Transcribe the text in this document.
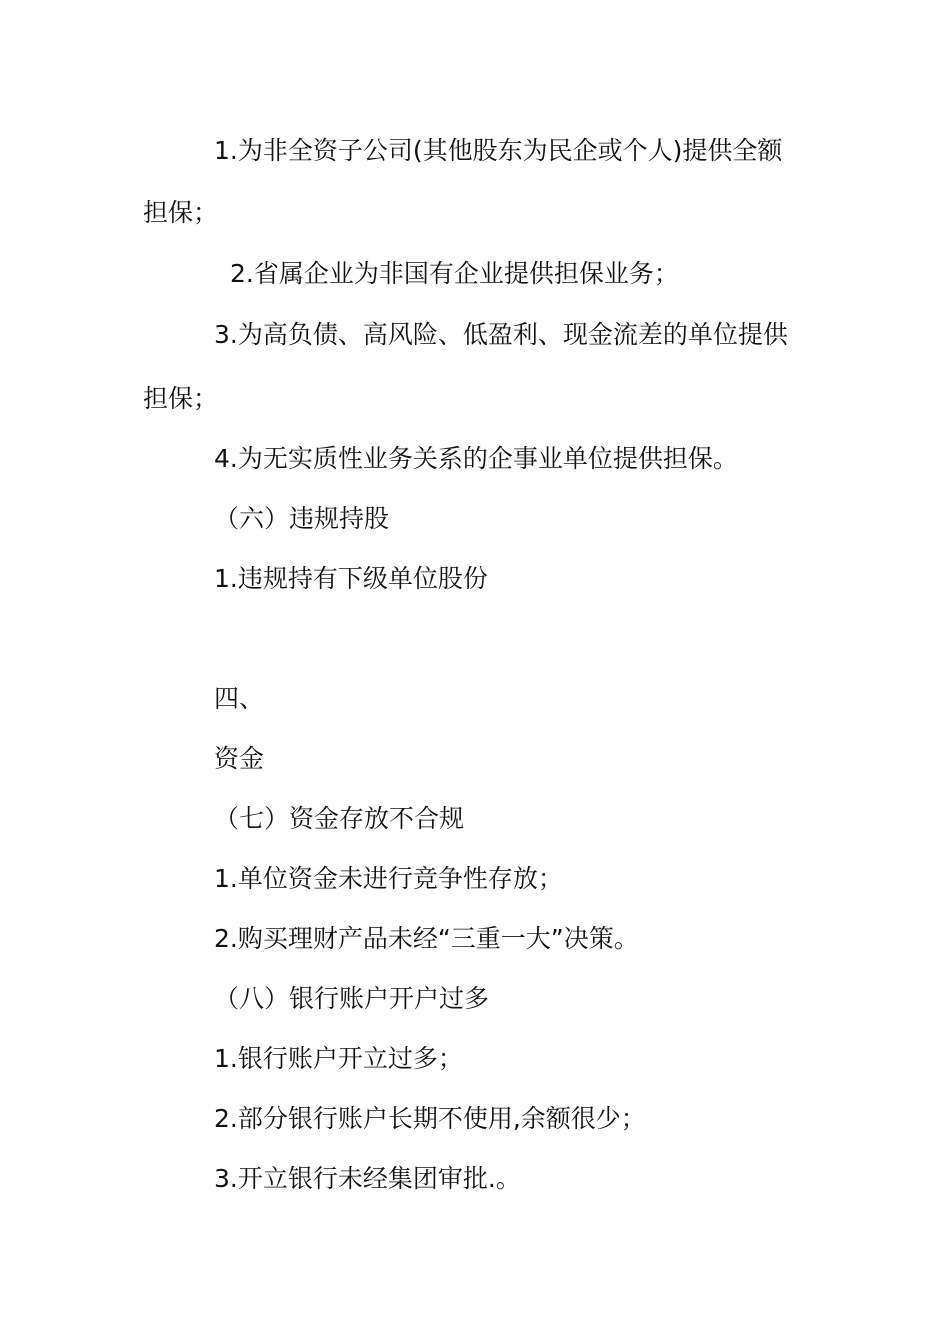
1.为非全资子公司(其他股东为民企或个人)提供全额
担保；
2.省属企业为非国有企业提供担保业务；
3.为高负债、高风险、低盈利、现金流差的单位提供
担保；
4.为无实质性业务关系的企事业单位提供担保。
（六）违规持股
1.违规持有下级单位股份
四、
资金
（七）资金存放不合规
1.单位资金未进行竞争性存放；
2.购买理财产品未经“三重一大”决策。
（八）银行账户开户过多
1.银行账户开立过多；
2.部分银行账户长期不使用,余额很少；
3.开立银行未经集团审批.。
